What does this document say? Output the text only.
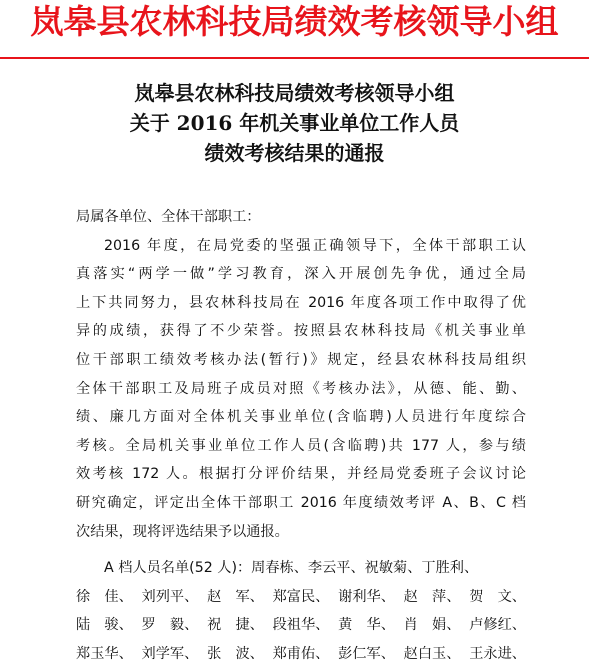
岚皋县农林科技局绩效考核领导小组
岚皋县农林科技局绩效考核领导小组
关于 2016 年机关事业单位工作人员
绩效考核结果的通报
局属各单位、全体干部职工：
2016 年度，在局党委的坚强正确领导下，全体干部职工认
真落实“两学一做”学习教育，深入开展创先争优，通过全局
上下共同努力，县农林科技局在 2016 年度各项工作中取得了优
异的成绩，获得了不少荣誉。按照县农林科技局《机关事业单
位干部职工绩效考核办法(暂行)》规定，经县农林科技局组织
全体干部职工及局班子成员对照《考核办法》，从德、能、勤、
绩、廉几方面对全体机关事业单位(含临聘)人员进行年度综合
考核。全局机关事业单位工作人员(含临聘)共 177 人，参与绩
效考核 172 人。根据打分评价结果，并经局党委班子会议讨论
研究确定，评定出全体干部职工 2016 年度绩效考评 A、B、C 档
次结果，现将评选结果予以通报。
A 档人员名单(52 人)：周春栋、李云平、祝敏菊、丁胜利、
徐　佳、 刘列平、 赵　军、 郑富民、 谢利华、 赵　萍、 贺　文、
陆　骏、 罗　毅、 祝　捷、 段祖华、 黄　华、 肖　娟、 卢修红、
郑玉华、 刘学军、 张　波、 郑甫佑、 彭仁军、 赵白玉、 王永进、
